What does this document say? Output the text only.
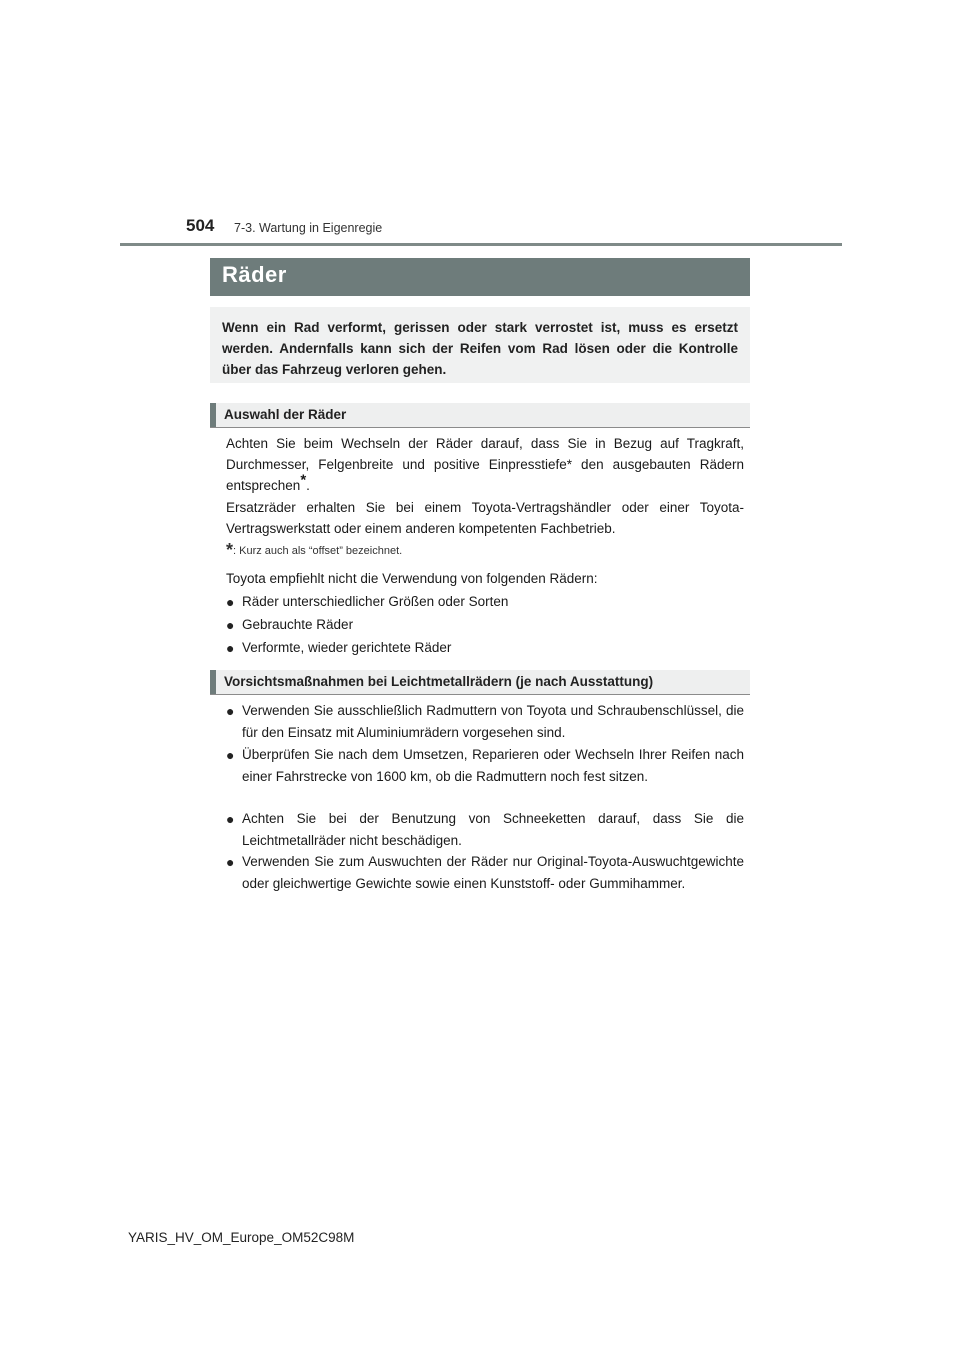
504 7-3. Wartung in Eigenregie
Räder

Wenn ein Rad verformt, gerissen oder stark verrostet ist, muss es ersetzt werden. Andernfalls kann sich der Reifen vom Rad lösen oder die Kontrolle über das Fahrzeug verloren gehen.

Auswahl der Räder

Achten Sie beim Wechseln der Räder darauf, dass Sie in Bezug auf Tragkraft, Durchmesser, Felgenbreite und positive Einpresstiefe* den ausgebauten Rädern entsprechen*.

Ersatzräder erhalten Sie bei einem Toyota-Vertragshändler oder einer Toyota-Vertragswerkstatt oder einem anderen kompetenten Fachbetrieb.

*: Kurz auch als “offset” bezeichnet.

Toyota empfiehlt nicht die Verwendung von folgenden Rädern:

● Räder unterschiedlicher Größen oder Sorten
● Gebrauchte Räder
● Verformte, wieder gerichtete Räder
Vorsichtsmaßnahmen bei Leichtmetallrädern (je nach Ausstattung)
● Verwenden Sie ausschließlich Radmuttern von Toyota und Schraubenschlüssel, die für den Einsatz mit Aluminiumrädern vorgesehen sind.
● Überprüfen Sie nach dem Umsetzen, Reparieren oder Wechseln Ihrer Reifen nach einer Fahrstrecke von 1600 km, ob die Radmuttern noch fest sitzen.
● Achten Sie bei der Benutzung von Schneeketten darauf, dass Sie die Leichtmetallräder nicht beschädigen.
● Verwenden Sie zum Auswuchten der Räder nur Original-Toyota-Auswuchtgewichte oder gleichwertige Gewichte sowie einen Kunststoff- oder Gummihammer.
YARIS_HV_OM_Europe_OM52C98M
